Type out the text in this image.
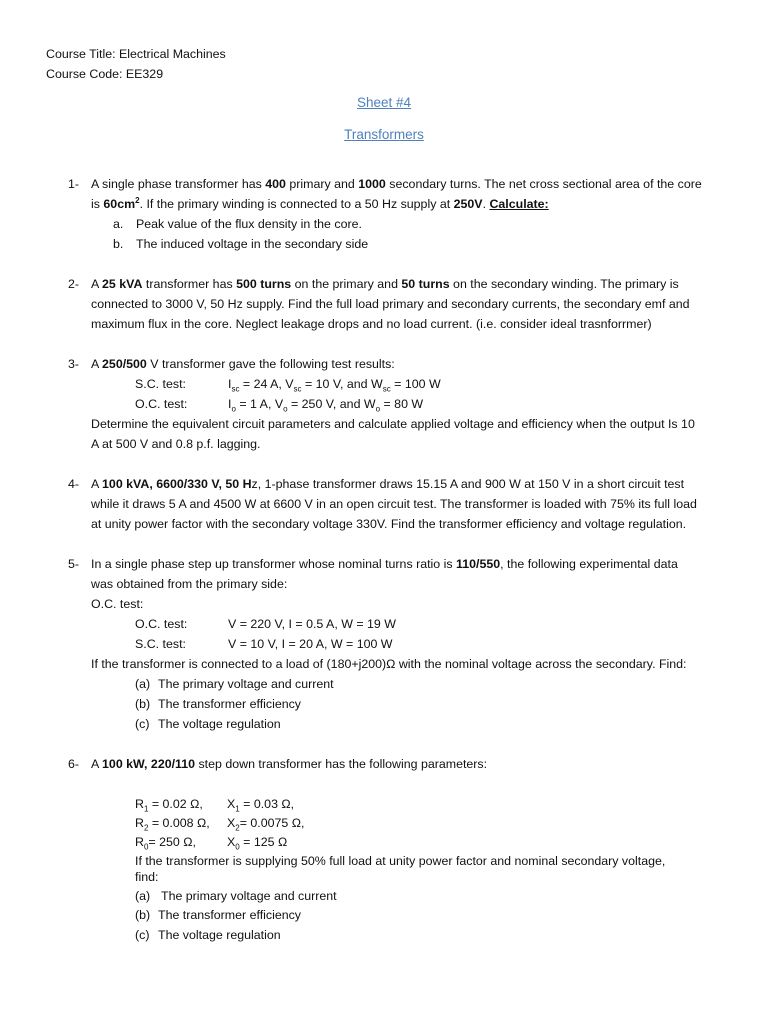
Course Title: Electrical Machines
Course Code: EE329
Sheet #4
Transformers
1- A single phase transformer has 400 primary and 1000 secondary turns. The net cross sectional area of the core
is $60cm^2$. If the primary winding is connected to a 50 Hz supply at 250V. Calculate:
a. Peak value of the flux density in the core.
b. The induced voltage in the secondary side
2- A 25 kVA transformer has 500 turns on the primary and 50 turns on the secondary winding. The primary is
connected to 3000 V, 50 Hz supply. Find the full load primary and secondary currents, the secondary emf and
maximum flux in the core. Neglect leakage drops and no load current. (i.e. consider ideal trasnforrmer)
3- A 250/500 V transformer gave the following test results:
S.C. test:	$I_{sc} = 24$ A, $V_{sc} = 10$ V, and $W_{sc} = 100$ W
O.C. test:	$I_o = 1$ A, $V_o = 250$ V, and $W_o = 80$ W
Determine the equivalent circuit parameters and calculate applied voltage and efficiency when the output Is 10
A at 500 V and 0.8 p.f. lagging.
4- A 100 kVA, 6600/330 V, 50 Hz, 1-phase transformer draws 15.15 A and 900 W at 150 V in a short circuit test
while it draws 5 A and 4500 W at 6600 V in an open circuit test. The transformer is loaded with 75% its full load
at unity power factor with the secondary voltage 330V. Find the transformer efficiency and voltage regulation.
5- In a single phase step up transformer whose nominal turns ratio is 110/550, the following experimental data
was obtained from the primary side:
O.C. test:
O.C. test:	V = 220 V, I = 0.5 A, W = 19 W
S.C. test:	V = 10 V, I = 20 A, W = 100 W
If the transformer is connected to a load of (180+j200)Ω with the nominal voltage across the secondary. Find:
(a) The primary voltage and current
(b) The transformer efficiency
(c) The voltage regulation
6- A 100 kW, 220/110 step down transformer has the following parameters:
$R_1 = 0.02$ Ω, $X_1 = 0.03$ Ω,
$R_2 = 0.008$ Ω, $X_2= 0.0075$ Ω,
$R_0= 250$ Ω,	$X_0 = 125$ Ω
If the transformer is supplying 50% full load at unity power factor and nominal secondary voltage,
find:
(a) The primary voltage and current
(b) The transformer efficiency
(c) The voltage regulation
